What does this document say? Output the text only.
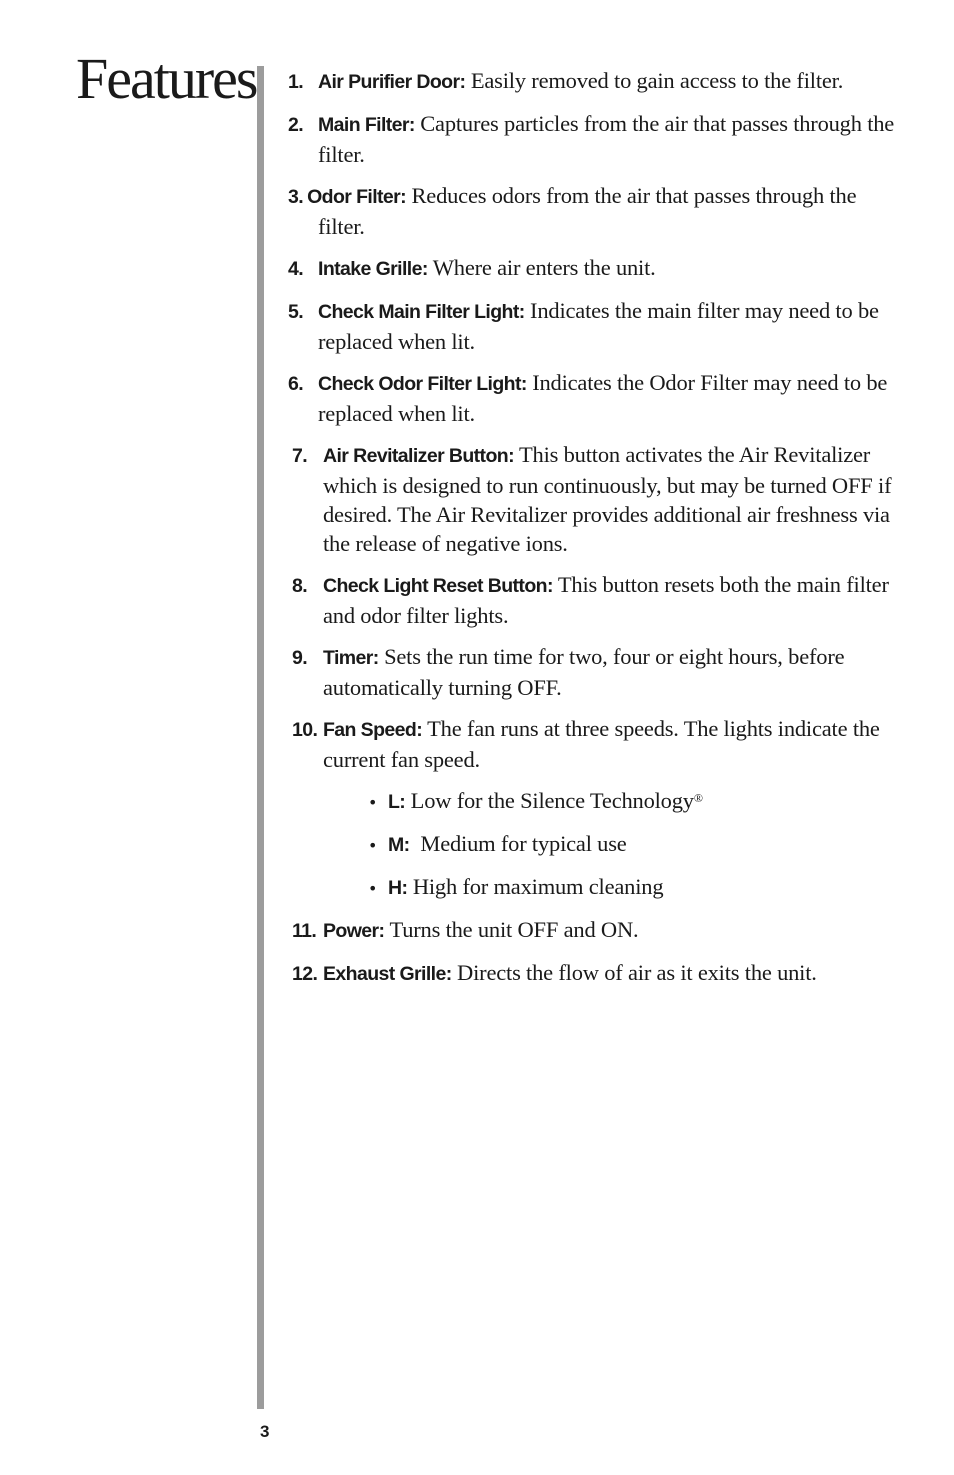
Features 1. Air Purifier Door: Easily removed to gain access to the filter.
2. Main Filter: Captures particles from the air that passes through the filter.
3. Odor Filter: Reduces odors from the air that passes through the filter.
4. Intake Grille: Where air enters the unit.
5. Check Main Filter Light: Indicates the main filter may need to be replaced when lit.
6. Check Odor Filter Light: Indicates the Odor Filter may need to be replaced when lit.
7. Air Revitalizer Button: This button activates the Air Revitalizer which is designed to run continuously, but may be turned OFF if desired. The Air Revitalizer provides additional air freshness via the release of negative ions.
8. Check Light Reset Button: This button resets both the main filter and odor filter lights.
9. Timer: Sets the run time for two, four or eight hours, before automatically turning OFF.
10. Fan Speed: The fan runs at three speeds. The lights indicate the current fan speed.
• L: Low for the Silence Technology®
• M:  Medium for typical use
• H: High for maximum cleaning
11. Power: Turns the unit OFF and ON.
12. Exhaust Grille: Directs the flow of air as it exits the unit.
3
